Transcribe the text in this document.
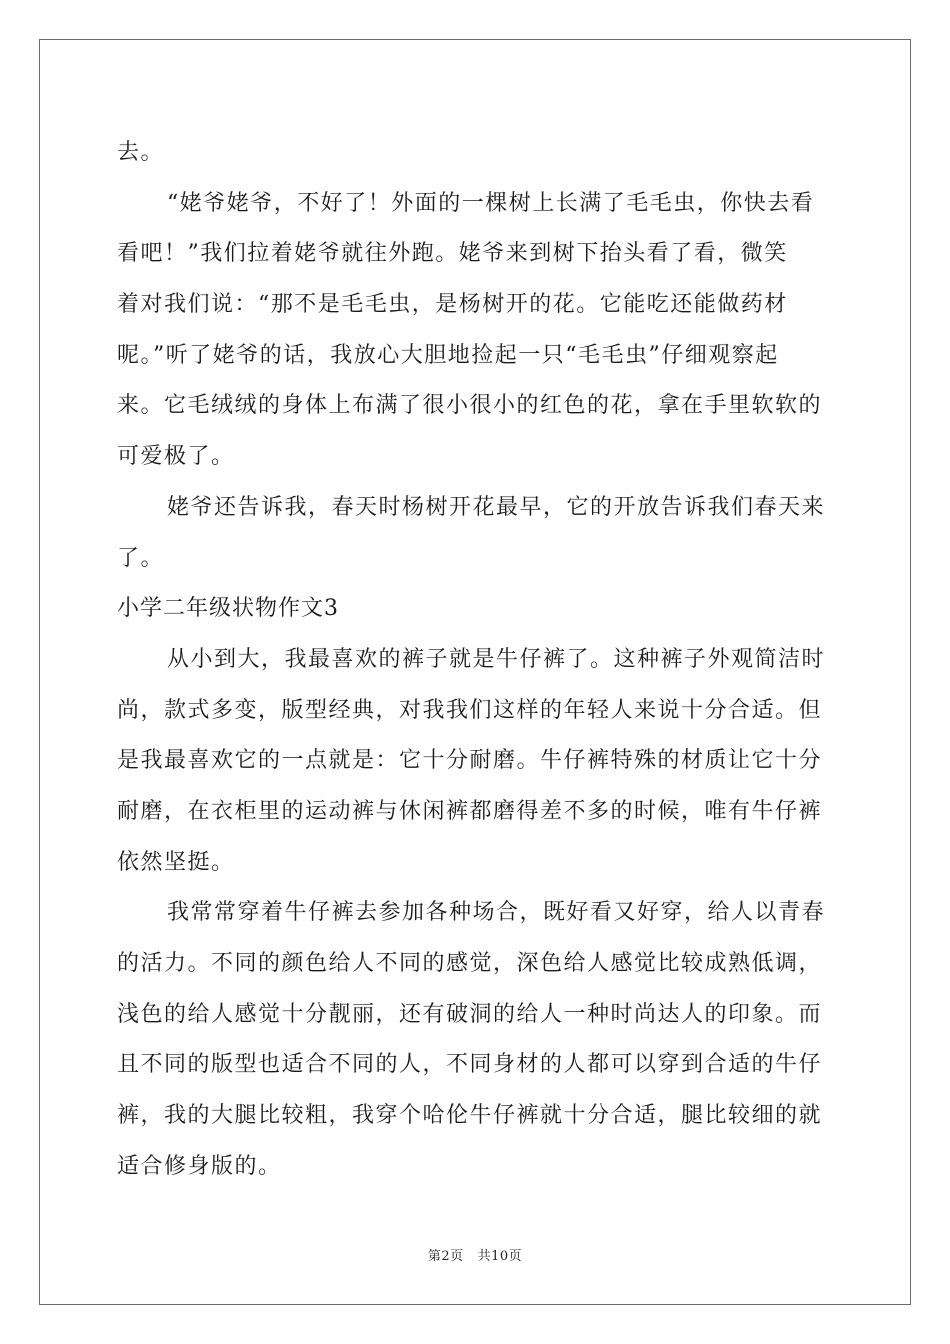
去。
“姥爷姥爷，不好了！外面的一棵树上长满了毛毛虫，你快去看
看吧！”我们拉着姥爷就往外跑。姥爷来到树下抬头看了看，微笑
着对我们说：“那不是毛毛虫，是杨树开的花。它能吃还能做药材
呢。”听了姥爷的话，我放心大胆地捡起一只“毛毛虫”仔细观察起
来。它毛绒绒的身体上布满了很小很小的红色的花，拿在手里软软的
可爱极了。
姥爷还告诉我，春天时杨树开花最早，它的开放告诉我们春天来
了。
小学二年级状物作文3
从小到大，我最喜欢的裤子就是牛仔裤了。这种裤子外观简洁时
尚，款式多变，版型经典，对我我们这样的年轻人来说十分合适。但
是我最喜欢它的一点就是：它十分耐磨。牛仔裤特殊的材质让它十分
耐磨，在衣柜里的运动裤与休闲裤都磨得差不多的时候，唯有牛仔裤
依然坚挺。
我常常穿着牛仔裤去参加各种场合，既好看又好穿，给人以青春
的活力。不同的颜色给人不同的感觉，深色给人感觉比较成熟低调，
浅色的给人感觉十分靓丽，还有破洞的给人一种时尚达人的印象。而
且不同的版型也适合不同的人，不同身材的人都可以穿到合适的牛仔
裤，我的大腿比较粗，我穿个哈伦牛仔裤就十分合适，腿比较细的就
适合修身版的。
第2页 共10页
